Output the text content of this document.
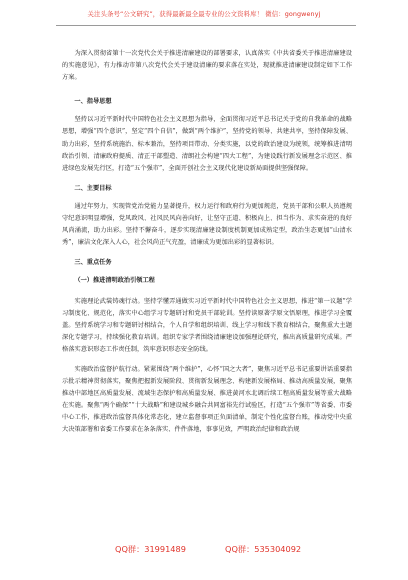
关注头条号“公文研究”，获得最新最全最专业的公文资料库！ 微信：gongwenyj

为深入贯彻省第十一次党代会关于推进清廉建设的部署要求，认真落实《中共省委关于推进清廉建设的实施意见》，有力推动市第八次党代会关于建设清廉的要求落在实处，现就推进清廉建设制定如下工作方案。

一、指导思想

坚持以习近平新时代中国特色社会主义思想为指导，全面贯彻习近平总书记关于党的自我革命的战略思想，增强“四个意识”，坚定“四个自信”，做到“两个维护”，坚持党的领导、共建共享，坚持保障发展、助力出彩，坚持系统施治、标本兼治，坚持项目带动、分类实施，以党的政治建设为统领，统筹推进清明政治引领、清廉政府提质、清正干部塑造、清朗社会构建“四大工程”，为建设践行新发展理念示范区、推进绿色发展先行区，打造“五个强市”，全面开创社会主义现代化建设新局面提供坚强保障。

二、主要目标

通过年努力，实现管党治党能力显著提升，权力运行和政府行为更加规范，党员干部和公职人员遵规守纪意识明显增强，党风政风、社风民风向善向好，让坚守正道、积极向上、担当作为、求实奋进的良好风尚涌流，助力出彩。坚持不懈奋斗，逐步实现清廉建设制度机制更加成熟定型，政治生态更加“山清水秀”，廉洁文化深入人心，社会风尚正气充盈，清廉成为更加出彩的显著标识。

三、重点任务

（一）推进清明政治引领工程

实施理论武装铸魂行动。坚持学懂弄通做实习近平新时代中国特色社会主义思想，推进“第一议题”学习制度化、规范化，落实中心组学习专题研讨和党员干部轮训。坚持读原著学原文悟原理，推进学习全覆盖。坚持系统学习和专题研讨相结合，个人自学和组织培训、线上学习和线下教育相结合，聚焦重大主题深化专题学习，持续强化教育培训。组织专家学者围绕清廉建设加强理论研究，推出高质量研究成果。严格落实意识形态工作责任制，筑牢意识形态安全防线。

实施政治监督护航行动。紧紧围绕“两个维护”，心怀“国之大者”，聚焦习近平总书记重要讲话重要指示批示精神贯彻落实，聚焦把握新发展阶段、贯彻新发展理念、构建新发展格局、推动高质量发展，聚焦推动中部地区高质量发展、流域生态保护和高质量发展、推进黄河水北调后续工程高质量发展等重大战略在实施。聚焦“两个确保”“十大战略”和建设城乡融合共同富裕先行试验区，打造“五个强市”等省委、市委中心工作，推进政治监督具体化常态化，建立监督事项正负面清单，制定个性化监督台账，推动党中央重大决策部署和省委工作要求在条条落实、件件落地，事事见效，严明政治纪律和政治规

QQ群：31991489	QQ群：535304092
